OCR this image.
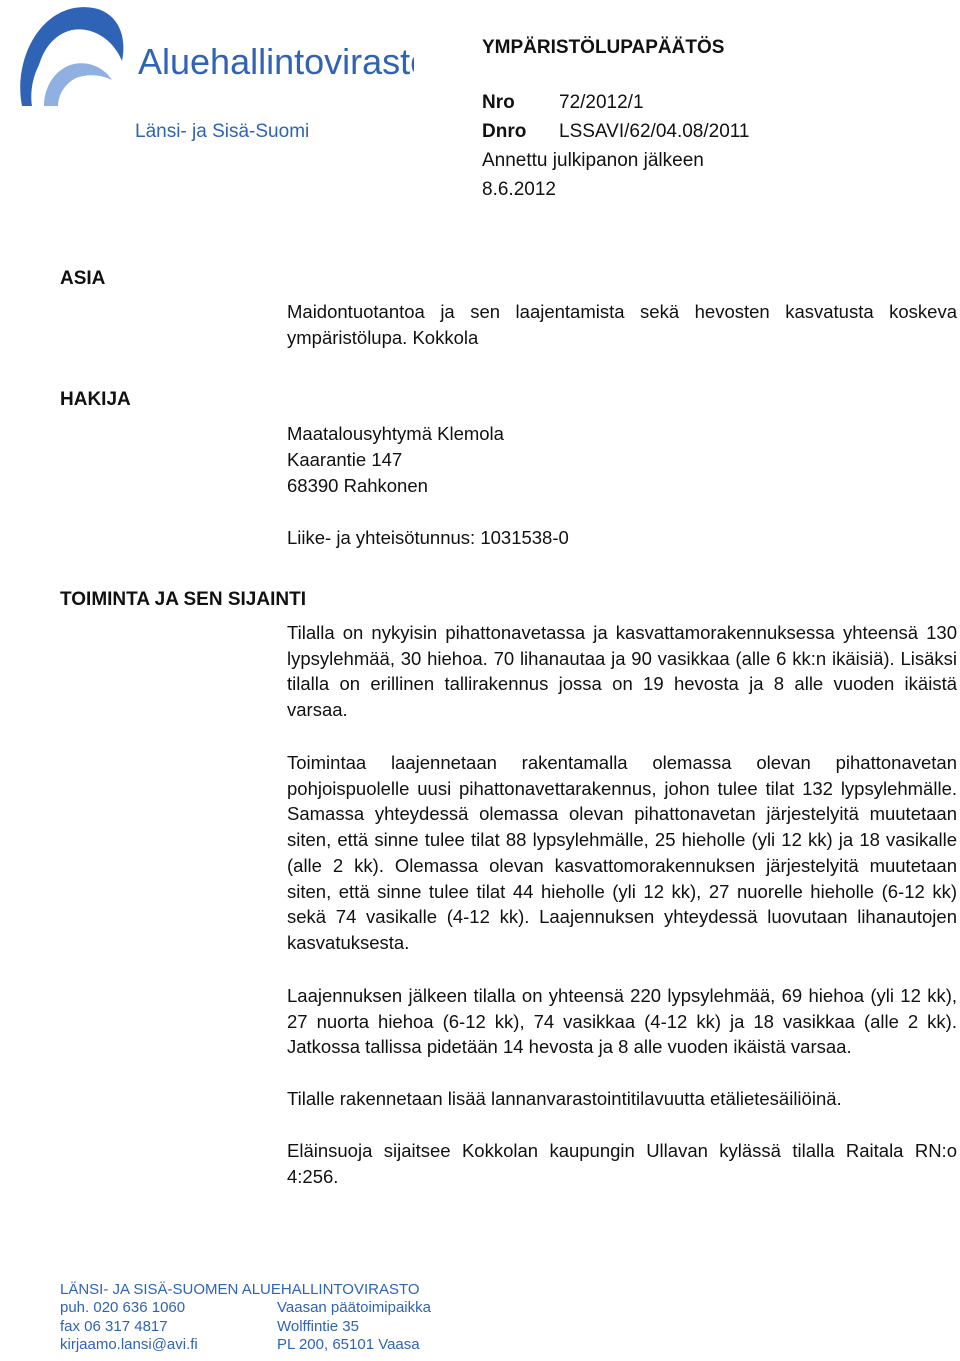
Aluehallintovirasto
Länsi- ja Sisä-Suomi
YMPÄRISTÖLUPAPÄÄTÖS
Nro 72/2012/1
Dnro LSSAVI/62/04.08/2011
Annettu julkipanon jälkeen
8.6.2012
ASIA
Maidontuotantoa ja sen laajentamista sekä hevosten kasvatusta koskeva
ympäristölupa. Kokkola
HAKIJA
Maatalousyhtymä Klemola
Kaarantie 147
68390 Rahkonen
Liike- ja yhteisötunnus: 1031538-0
TOIMINTA JA SEN SIJAINTI
Tilalla on nykyisin pihattonavetassa ja kasvattamorakennuksessa yhteensä 130 lypsylehmää, 30 hiehoa. 70 lihanautaa ja 90 vasikkaa (alle 6 kk:n ikäisiä). Lisäksi tilalla on erillinen tallirakennus jossa on 19 hevosta ja 8 alle vuoden ikäistä varsaa.
Toimintaa laajennetaan rakentamalla olemassa olevan pihattonavetan pohjoispuolelle uusi pihattonavettarakennus, johon tulee tilat 132 lypsylehmälle. Samassa yhteydessä olemassa olevan pihattonavetan järjestelyitä muutetaan siten, että sinne tulee tilat 88 lypsylehmälle, 25 hieholle (yli 12 kk) ja 18 vasikalle (alle 2 kk). Olemassa olevan kasvattomorakennuksen järjestelyitä muutetaan siten, että sinne tulee tilat 44 hieholle (yli 12 kk), 27 nuorelle hieholle (6-12 kk) sekä 74 vasikalle (4-12 kk). Laajennuksen yhteydessä luovutaan lihanautojen kasvatuksesta.
Laajennuksen jälkeen tilalla on yhteensä 220 lypsylehmää, 69 hiehoa (yli 12 kk), 27 nuorta hiehoa (6-12 kk), 74 vasikkaa (4-12 kk) ja 18 vasikkaa (alle 2 kk). Jatkossa tallissa pidetään 14 hevosta ja 8 alle vuoden ikäistä varsaa.
Tilalle rakennetaan lisää lannanvarastointitilavuutta etälietesäiliöinä.
Eläinsuoja sijaitsee Kokkolan kaupungin Ullavan kylässä tilalla Raitala RN:o 4:256.
LÄNSI- JA SISÄ-SUOMEN ALUEHALLINTOVIRASTO
puh. 020 636 1060
fax 06 317 4817
kirjaamo.lansi@avi.fi
Vaasan päätoimipaikka
Wolffintie 35
PL 200, 65101 Vaasa
